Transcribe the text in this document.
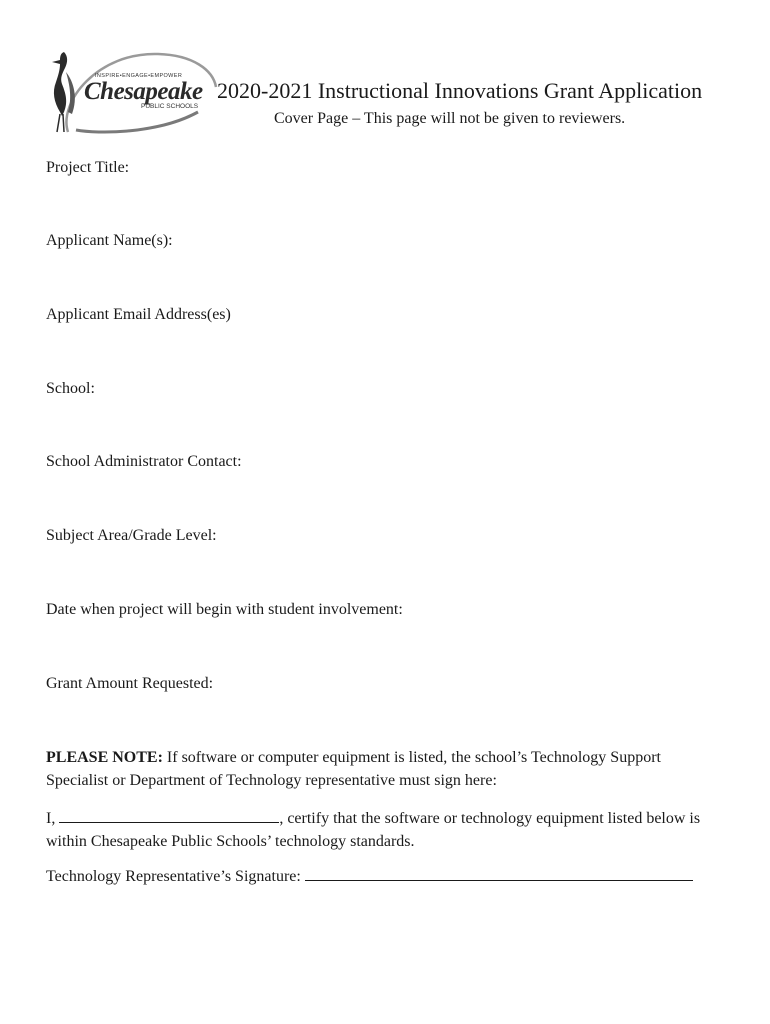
INSPIRE•ENGAGE•EMPOWER
Chesapeake
PUBLIC SCHOOLS
2020-2021 Instructional Innovations Grant Application
Cover Page – This page will not be given to reviewers.
Project Title:
Applicant Name(s):
Applicant Email Address(es)
School:
School Administrator Contact:
Subject Area/Grade Level:
Date when project will begin with student involvement:
Grant Amount Requested:
PLEASE NOTE: If software or computer equipment is listed, the school’s Technology Support Specialist or Department of Technology representative must sign here:
I,	, certify that the software or technology equipment listed below is within Chesapeake Public Schools’ technology standards.
Technology Representative’s Signature:
